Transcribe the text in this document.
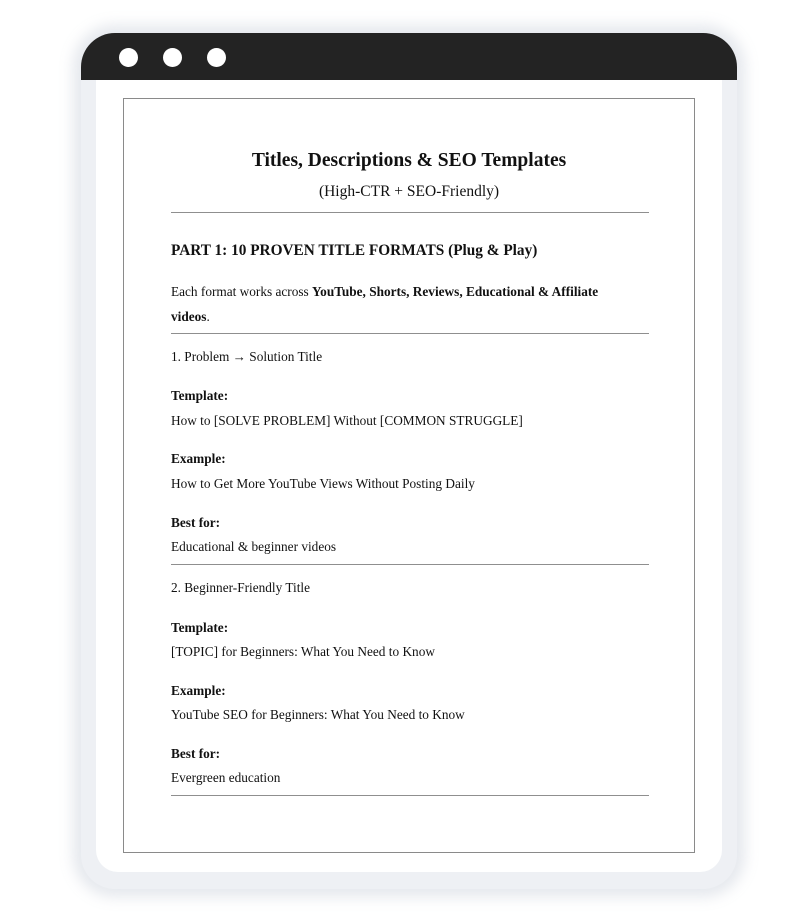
Titles, Descriptions & SEO Templates

(High-CTR + SEO-Friendly)

PART 1: 10 PROVEN TITLE FORMATS (Plug & Play)

Each format works across YouTube, Shorts, Reviews, Educational & Affiliate

videos.

1. Problem → Solution Title

Template:

How to [SOLVE PROBLEM] Without [COMMON STRUGGLE]

Example:

How to Get More YouTube Views Without Posting Daily

Best for:

Educational & beginner videos

2. Beginner-Friendly Title

Template:

[TOPIC] for Beginners: What You Need to Know

Example:

YouTube SEO for Beginners: What You Need to Know

Best for:

Evergreen education
